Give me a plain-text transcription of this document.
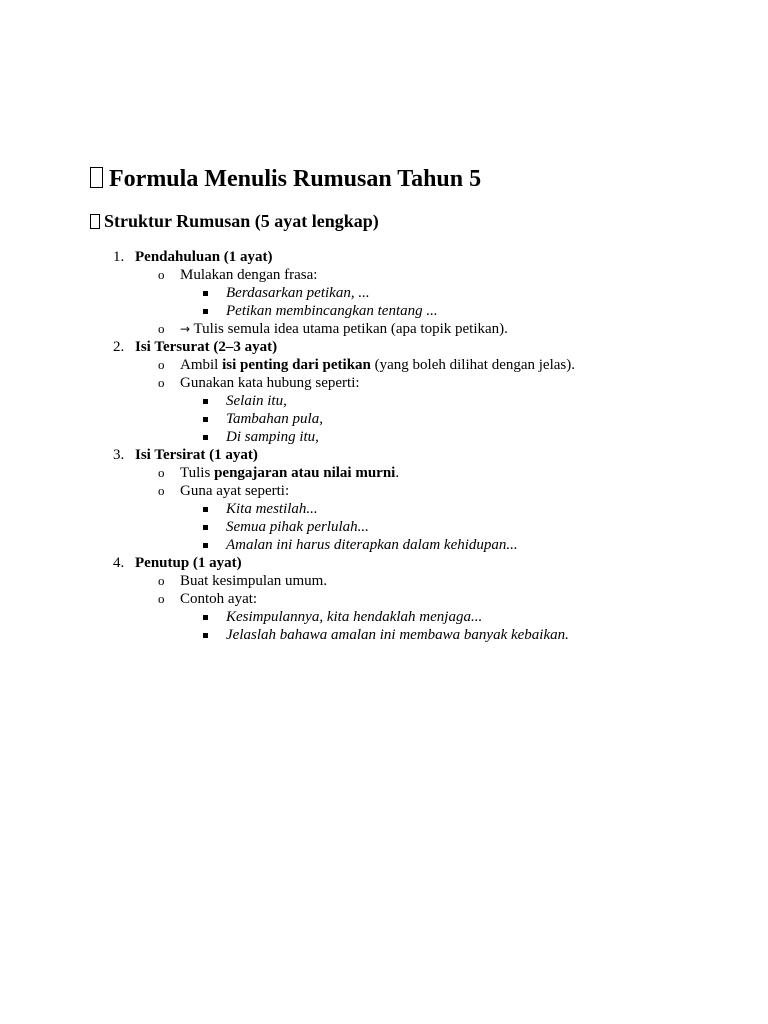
Formula Menulis Rumusan Tahun 5
Struktur Rumusan (5 ayat lengkap)
1. Pendahuluan (1 ayat)
o Mulakan dengan frasa:
Berdasarkan petikan, ...
Petikan membincangkan tentang ...
o → Tulis semula idea utama petikan (apa topik petikan).
2. Isi Tersurat (2–3 ayat)
o Ambil isi penting dari petikan (yang boleh dilihat dengan jelas).
o Gunakan kata hubung seperti:
Selain itu,
Tambahan pula,
Di samping itu,
3. Isi Tersirat (1 ayat)
o Tulis pengajaran atau nilai murni.
o Guna ayat seperti:
Kita mestilah...
Semua pihak perlulah...
Amalan ini harus diterapkan dalam kehidupan...
4. Penutup (1 ayat)
o Buat kesimpulan umum.
o Contoh ayat:
Kesimpulannya, kita hendaklah menjaga...
Jelaslah bahawa amalan ini membawa banyak kebaikan.
